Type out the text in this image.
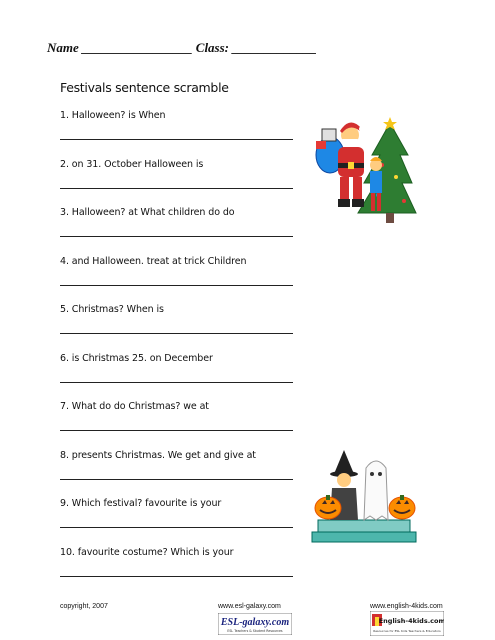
Name _________________ Class: _____________
Festivals sentence scramble
1. Halloween? is When
2. on 31. October Halloween is
3. Halloween? at What children do do
4. and Halloween. treat at trick Children
5. Christmas? When is
6. is Christmas 25. on December
7. What do do Christmas? we at
8. presents Christmas. We get and give at
9. Which festival? favourite is your
10. favourite costume? Which is your
copyright, 2007	www.esl-galaxy.com	www.english-4kids.com
ESL-galaxy.com
ESL Teachers & Student Resources
English-4kids.com
Resources for ESL Kids Teachers & Educators
